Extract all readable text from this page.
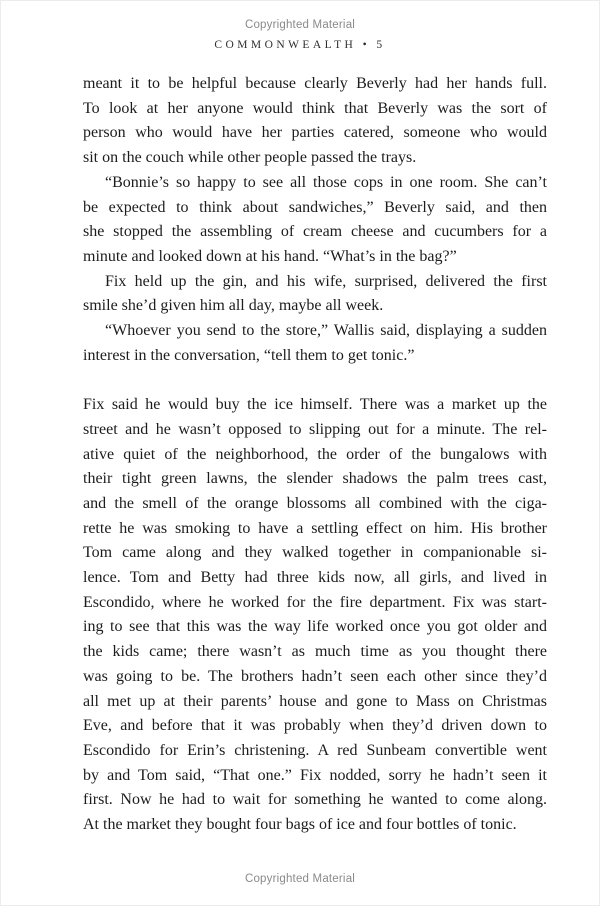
Copyrighted Material
COMMONWEALTH • 5
meant it to be helpful because clearly Beverly had her hands full.
To look at her anyone would think that Beverly was the sort of
person who would have her parties catered, someone who would
sit on the couch while other people passed the trays.
“Bonnie’s so happy to see all those cops in one room. She can’t
be expected to think about sandwiches,” Beverly said, and then
she stopped the assembling of cream cheese and cucumbers for a
minute and looked down at his hand. “What’s in the bag?”
Fix held up the gin, and his wife, surprised, delivered the first
smile she’d given him all day, maybe all week.
“Whoever you send to the store,” Wallis said, displaying a sudden
interest in the conversation, “tell them to get tonic.”
Fix said he would buy the ice himself. There was a market up the
street and he wasn’t opposed to slipping out for a minute. The rel-
ative quiet of the neighborhood, the order of the bungalows with
their tight green lawns, the slender shadows the palm trees cast,
and the smell of the orange blossoms all combined with the ciga-
rette he was smoking to have a settling effect on him. His brother
Tom came along and they walked together in companionable si-
lence. Tom and Betty had three kids now, all girls, and lived in
Escondido, where he worked for the fire department. Fix was start-
ing to see that this was the way life worked once you got older and
the kids came; there wasn’t as much time as you thought there
was going to be. The brothers hadn’t seen each other since they’d
all met up at their parents’ house and gone to Mass on Christmas
Eve, and before that it was probably when they’d driven down to
Escondido for Erin’s christening. A red Sunbeam convertible went
by and Tom said, “That one.” Fix nodded, sorry he hadn’t seen it
first. Now he had to wait for something he wanted to come along.
At the market they bought four bags of ice and four bottles of tonic.
Copyrighted Material
